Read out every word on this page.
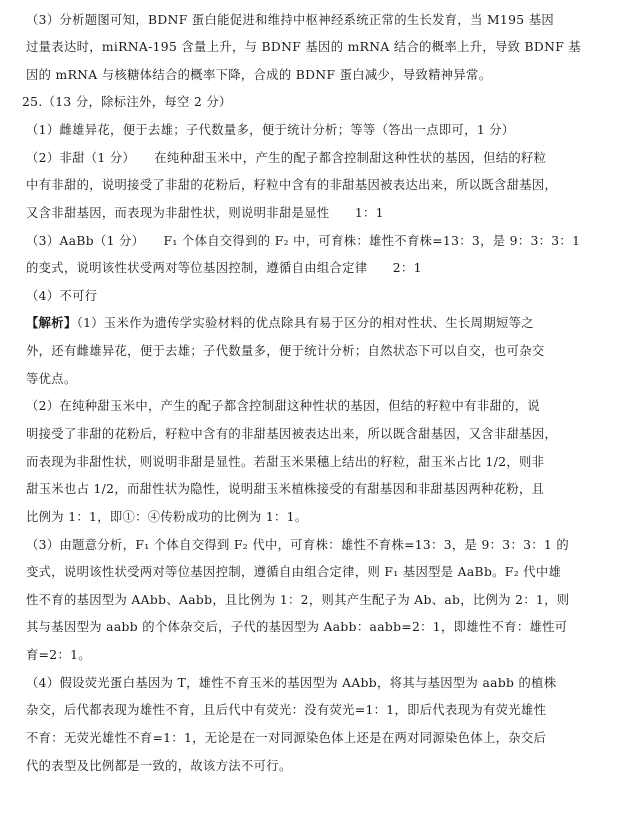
（3）分析题图可知，BDNF 蛋白能促进和维持中枢神经系统正常的生长发育，当 M195 基因
过量表达时，miRNA-195 含量上升，与 BDNF 基因的 mRNA 结合的概率上升，导致 BDNF 基
因的 mRNA 与核糖体结合的概率下降，合成的 BDNF 蛋白减少，导致精神异常。
25.（13 分，除标注外，每空 2 分）
（1）雌雄异花，便于去雄；子代数量多，便于统计分析；等等（答出一点即可，1 分）
（2）非甜（1 分）　　在纯种甜玉米中，产生的配子都含控制甜这种性状的基因，但结的籽粒
中有非甜的，说明接受了非甜的花粉后，籽粒中含有的非甜基因被表达出来，所以既含甜基因，
又含非甜基因，而表现为非甜性状，则说明非甜是显性　　1：1
（3）AaBb（1 分）　　F₁ 个体自交得到的 F₂ 中，可育株：雄性不育株=13：3，是 9：3：3：1
的变式，说明该性状受两对等位基因控制，遵循自由组合定律　　2：1
（4）不可行
【解析】（1）玉米作为遗传学实验材料的优点除具有易于区分的相对性状、生长周期短等之
外，还有雌雄异花，便于去雄；子代数量多，便于统计分析；自然状态下可以自交，也可杂交
等优点。
（2）在纯种甜玉米中，产生的配子都含控制甜这种性状的基因，但结的籽粒中有非甜的，说
明接受了非甜的花粉后，籽粒中含有的非甜基因被表达出来，所以既含甜基因，又含非甜基因，
而表现为非甜性状，则说明非甜是显性。若甜玉米果穗上结出的籽粒，甜玉米占比 1/2，则非
甜玉米也占 1/2，而甜性状为隐性，说明甜玉米植株接受的有甜基因和非甜基因两种花粉，且
比例为 1：1，即①：④传粉成功的比例为 1：1。
（3）由题意分析，F₁ 个体自交得到 F₂ 代中，可育株：雄性不育株=13：3，是 9：3：3：1 的
变式，说明该性状受两对等位基因控制，遵循自由组合定律，则 F₁ 基因型是 AaBb。F₂ 代中雄
性不育的基因型为 AAbb、Aabb，且比例为 1：2，则其产生配子为 Ab、ab，比例为 2：1，则
其与基因型为 aabb 的个体杂交后，子代的基因型为 Aabb：aabb=2：1，即雄性不育：雄性可
育=2：1。
（4）假设荧光蛋白基因为 T，雄性不育玉米的基因型为 AAbb，将其与基因型为 aabb 的植株
杂交，后代都表现为雄性不育，且后代中有荧光：没有荧光=1：1，即后代表现为有荧光雄性
不育：无荧光雄性不育=1：1，无论是在一对同源染色体上还是在两对同源染色体上，杂交后
代的表型及比例都是一致的，故该方法不可行。
